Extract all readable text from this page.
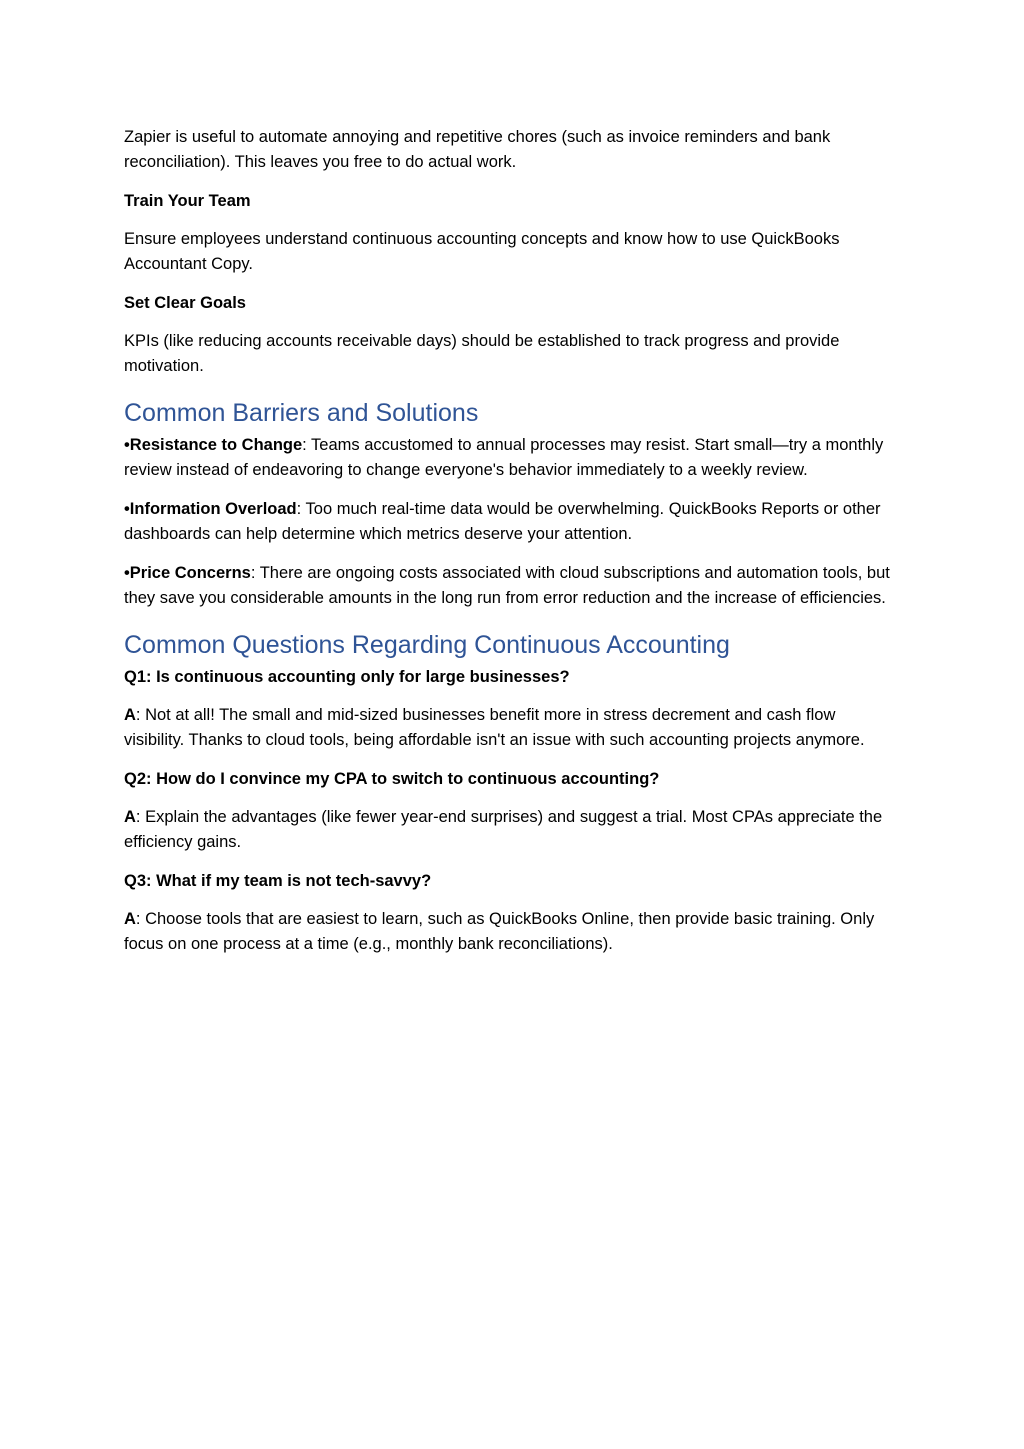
Zapier is useful to automate annoying and repetitive chores (such as invoice reminders and bank reconciliation). This leaves you free to do actual work.

Train Your Team

Ensure employees understand continuous accounting concepts and know how to use QuickBooks Accountant Copy.

Set Clear Goals

KPIs (like reducing accounts receivable days) should be established to track progress and provide motivation.

Common Barriers and Solutions

•Resistance to Change: Teams accustomed to annual processes may resist. Start small—try a monthly review instead of endeavoring to change everyone's behavior immediately to a weekly review.

•Information Overload: Too much real-time data would be overwhelming. QuickBooks Reports or other dashboards can help determine which metrics deserve your attention.

•Price Concerns: There are ongoing costs associated with cloud subscriptions and automation tools, but they save you considerable amounts in the long run from error reduction and the increase of efficiencies.

Common Questions Regarding Continuous Accounting

Q1: Is continuous accounting only for large businesses?

A: Not at all! The small and mid-sized businesses benefit more in stress decrement and cash flow visibility. Thanks to cloud tools, being affordable isn't an issue with such accounting projects anymore.

Q2: How do I convince my CPA to switch to continuous accounting?

A: Explain the advantages (like fewer year-end surprises) and suggest a trial. Most CPAs appreciate the efficiency gains.

Q3: What if my team is not tech-savvy?

A: Choose tools that are easiest to learn, such as QuickBooks Online, then provide basic training. Only focus on one process at a time (e.g., monthly bank reconciliations).
